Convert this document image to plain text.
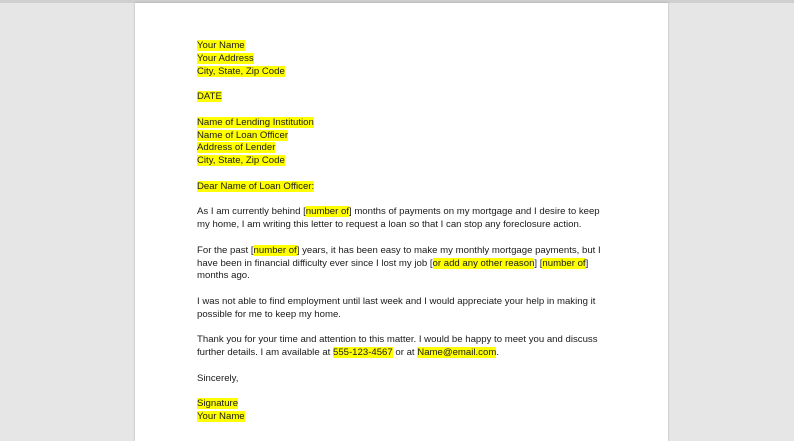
Your Name
Your Address
City, State, Zip Code
DATE
Name of Lending Institution
Name of Loan Officer
Address of Lender
City, State, Zip Code
Dear Name of Loan Officer:
As I am currently behind [number of] months of payments on my mortgage and I desire to keep
my home, I am writing this letter to request a loan so that I can stop any foreclosure action.
For the past [number of] years, it has been easy to make my monthly mortgage payments, but I
have been in financial difficulty ever since I lost my job [or add any other reason] [number of]
months ago.
I was not able to find employment until last week and I would appreciate your help in making it
possible for me to keep my home.
Thank you for your time and attention to this matter. I would be happy to meet you and discuss
further details. I am available at 555-123-4567 or at Name@email.com.
Sincerely,
Signature
Your Name
